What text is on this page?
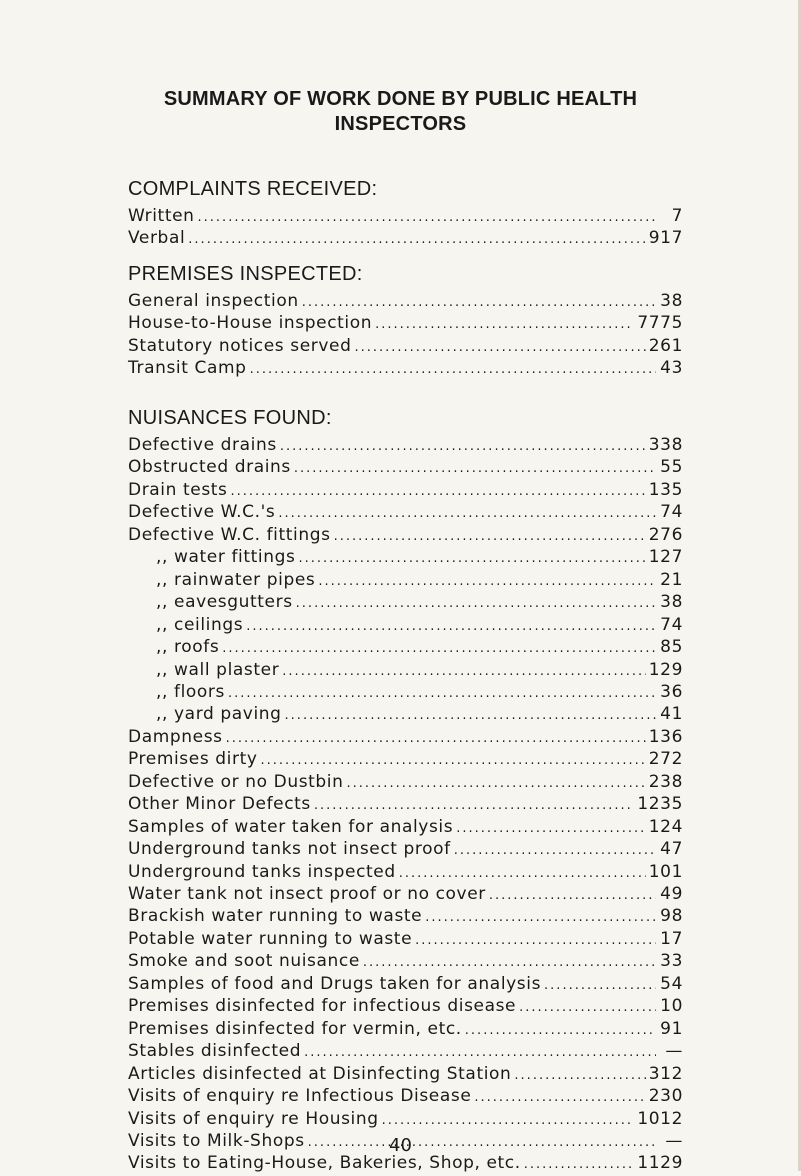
SUMMARY OF WORK DONE BY PUBLIC HEALTH
INSPECTORS
COMPLAINTS RECEIVED:
Written .....	7
Verbal .....	917
PREMISES INSPECTED:
General inspection .....	38
House-to-House inspection .....	7775
Statutory notices served .....	261
Transit Camp .....	43
NUISANCES FOUND:
Defective drains .....	338
Obstructed drains .....	55
Drain tests .....	135
Defective W.C.'s .....	74
Defective W.C. fittings .....	276
,, water fittings .....	127
,, rainwater pipes .....	21
,, eavesgutters .....	38
,, ceilings .....	74
,, roofs .....	85
,, wall plaster .....	129
,, floors .....	36
,, yard paving .....	41
Dampness .....	136
Premises dirty .....	272
Defective or no Dustbin .....	238
Other Minor Defects .....	1235
Samples of water taken for analysis .....	124
Underground tanks not insect proof .....	47
Underground tanks inspected .....	101
Water tank not insect proof or no cover .....	49
Brackish water running to waste .....	98
Potable water running to waste .....	17
Smoke and soot nuisance .....	33
Samples of food and Drugs taken for analysis .....	54
Premises disinfected for infectious disease .....	10
Premises disinfected for vermin, etc. .....	91
Stables disinfected .....	—
Articles disinfected at Disinfecting Station .....	312
Visits of enquiry re Infectious Disease .....	230
Visits of enquiry re Housing .....	1012
Visits to Milk-Shops .....	—
Visits to Eating-House, Bakeries, Shop, etc. .....	1129
40
